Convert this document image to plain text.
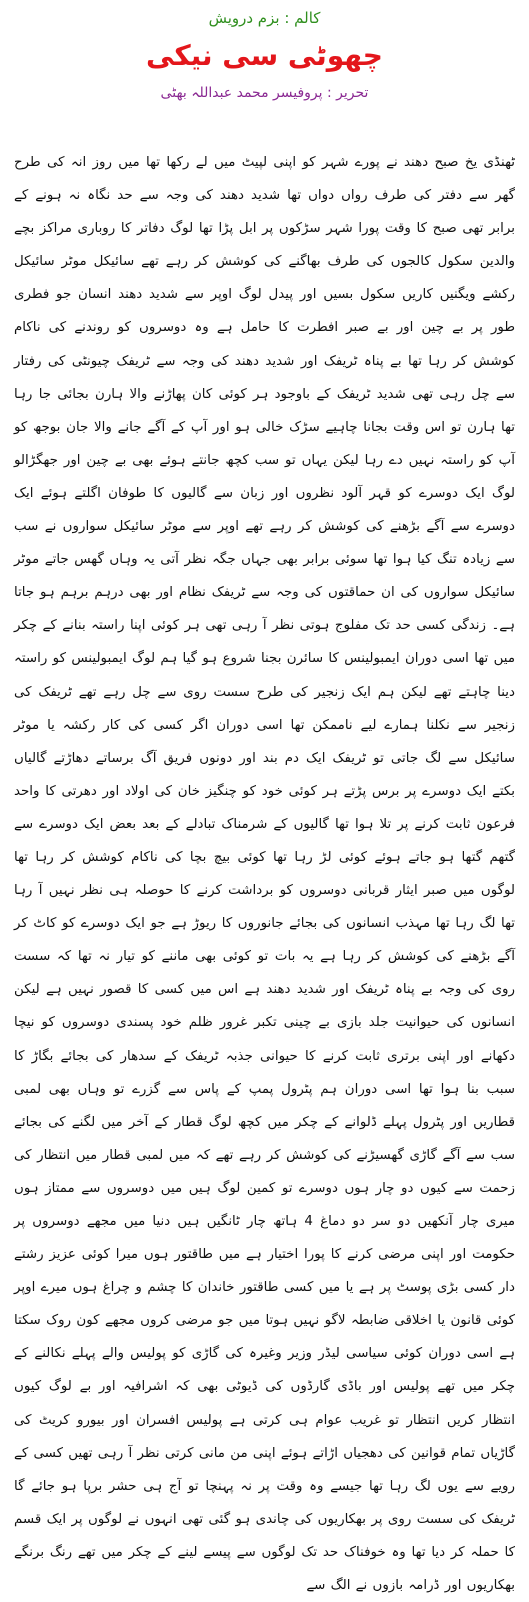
کالم : بزم درویش
چھوٹی سی نیکی
تحریر : پروفیسر محمد عبداللہ بھٹی

ٹھنڈی یخ صبح دھند نے پورے شہر کو اپنی لپیٹ میں لے رکھا تھا میں روز انہ کی طرح گھر سے دفتر کی طرف رواں دواں تھا شدید دھند کی وجہ سے حد نگاہ نہ ہونے کے برابر تھی صبح کا وقت پورا شہر سڑکوں پر ابل پڑا تھا لوگ دفاتر کا روباری مراکز بچے والدین سکول کالجوں کی طرف بھاگنے کی کوشش کر رہے تھے سائیکل موٹر سائیکل رکشے ویگنیں کاریں سکول بسیں اور پیدل لوگ اوپر سے شدید دھند انسان جو فطری طور پر بے چین اور بے صبر افطرت کا حامل ہے وہ دوسروں کو روندنے کی ناکام کوشش کر رہا تھا بے پناہ ٹریفک اور شدید دھند کی وجہ سے ٹریفک چیونٹی کی رفتار سے چل رہی تھی شدید ٹریفک کے باوجود ہر کوئی کان پھاڑنے والا ہارن بجائی جا رہا تھا ہارن تو اس وقت بجانا چاہیے سڑک خالی ہو اور آپ کے آگے جانے والا جان بوجھ کو آپ کو راستہ نہیں دے رہا لیکن یہاں تو سب کچھ جانتے ہوئے بھی بے چین اور جھگڑالو لوگ ایک دوسرے کو قہر آلود نظروں اور زبان سے گالیوں کا طوفان اگلتے ہوئے ایک دوسرے سے آگے بڑھنے کی کوشش کر رہے تھے اوپر سے موٹر سائیکل سواروں نے سب سے زیادہ تنگ کیا ہوا تھا سوئی برابر بھی جہاں جگہ نظر آتی یہ وہاں گھس جاتے موٹر سائیکل سواروں کی ان حماقتوں کی وجہ سے ٹریفک نظام اور بھی درہم برہم ہو جاتا ہے۔ زندگی کسی حد تک مفلوج ہوتی نظر آ رہی تھی ہر کوئی اپنا راستہ بنانے کے چکر میں تھا اسی دوران ایمبولینس کا سائرن بجنا شروع ہو گیا ہم لوگ ایمبولینس کو راستہ دینا چاہتے تھے لیکن ہم ایک زنجیر کی طرح سست روی سے چل رہے تھے ٹریفک کی زنجیر سے نکلنا ہمارے لیے ناممکن تھا اسی دوران اگر کسی کی کار رکشہ یا موٹر سائیکل سے لگ جاتی تو ٹریفک ایک دم بند اور دونوں فریق آگ برساتے دھاڑتے گالیاں بکتے ایک دوسرے پر برس پڑتے ہر کوئی خود کو چنگیز خان کی اولاد اور دھرتی کا واحد فرعون ثابت کرنے پر تلا ہوا تھا گالیوں کے شرمناک تبادلے کے بعد بعض ایک دوسرے سے گتھم گتھا ہو جاتے ہوئے کوئی لڑ رہا تھا کوئی بیچ بچا کی ناکام کوشش کر رہا تھا لوگوں میں صبر ایثار قربانی دوسروں کو برداشت کرنے کا حوصلہ ہی نظر نہیں آ رہا تھا لگ رہا تھا مہذب انسانوں کی بجائے جانوروں کا ریوڑ ہے جو ایک دوسرے کو کاٹ کر آگے بڑھنے کی کوشش کر رہا ہے یہ بات تو کوئی بھی ماننے کو تیار نہ تھا کہ سست روی کی وجہ بے پناہ ٹریفک اور شدید دھند ہے اس میں کسی کا قصور نہیں ہے لیکن انسانوں کی حیوانیت جلد بازی بے چینی تکبر غرور ظلم خود پسندی دوسروں کو نیچا دکھانے اور اپنی برتری ثابت کرنے کا حیوانی جذبہ ٹریفک کے سدھار کی بجائے بگاڑ کا سبب بنا ہوا تھا اسی دوران ہم پٹرول پمپ کے پاس سے گزرے تو وہاں بھی لمبی قطاریں اور پٹرول پہلے ڈلوانے کے چکر میں کچھ لوگ قطار کے آخر میں لگنے کی بجائے سب سے آگے گاڑی گھسیڑنے کی کوشش کر رہے تھے کہ میں لمبی قطار میں انتظار کی زحمت سے کیوں دو چار ہوں دوسرے تو کمین لوگ ہیں میں دوسروں سے ممتاز ہوں میری چار آنکھیں دو سر دو دماغ 4 ہاتھ چار ٹانگیں ہیں دنیا میں مجھے دوسروں پر حکومت اور اپنی مرضی کرنے کا پورا اختیار ہے میں طاقتور ہوں میرا کوئی عزیز رشتے دار کسی بڑی پوسٹ پر ہے یا میں کسی طاقتور خاندان کا چشم و چراغ ہوں میرے اوپر کوئی قانون یا اخلاقی ضابطہ لاگو نہیں ہوتا میں جو مرضی کروں مجھے کون روک سکتا ہے اسی دوران کوئی سیاسی لیڈر وزیر وغیرہ کی گاڑی کو پولیس والے پہلے نکالنے کے چکر میں تھے پولیس اور باڈی گارڈوں کی ڈیوٹی بھی کہ اشرافیہ اور بے لوگ کیوں انتظار کریں انتظار تو غریب عوام ہی کرتی ہے پولیس افسران اور بیورو کریٹ کی گاڑیاں تمام قوانین کی دھجیاں اڑاتے ہوئے اپنی من مانی کرتی نظر آ رہی تھیں کسی کے رویے سے یوں لگ رہا تھا جیسے وہ وقت پر نہ پہنچا تو آج ہی حشر برپا ہو جائے گا ٹریفک کی سست روی پر بھکاریوں کی چاندی ہو گئی تھی انہوں نے لوگوں پر ایک قسم کا حملہ کر دیا تھا وہ خوفناک حد تک لوگوں سے پیسے لینے کے چکر میں تھے رنگ برنگے بھکاریوں اور ڈرامہ بازوں نے الگ سے
